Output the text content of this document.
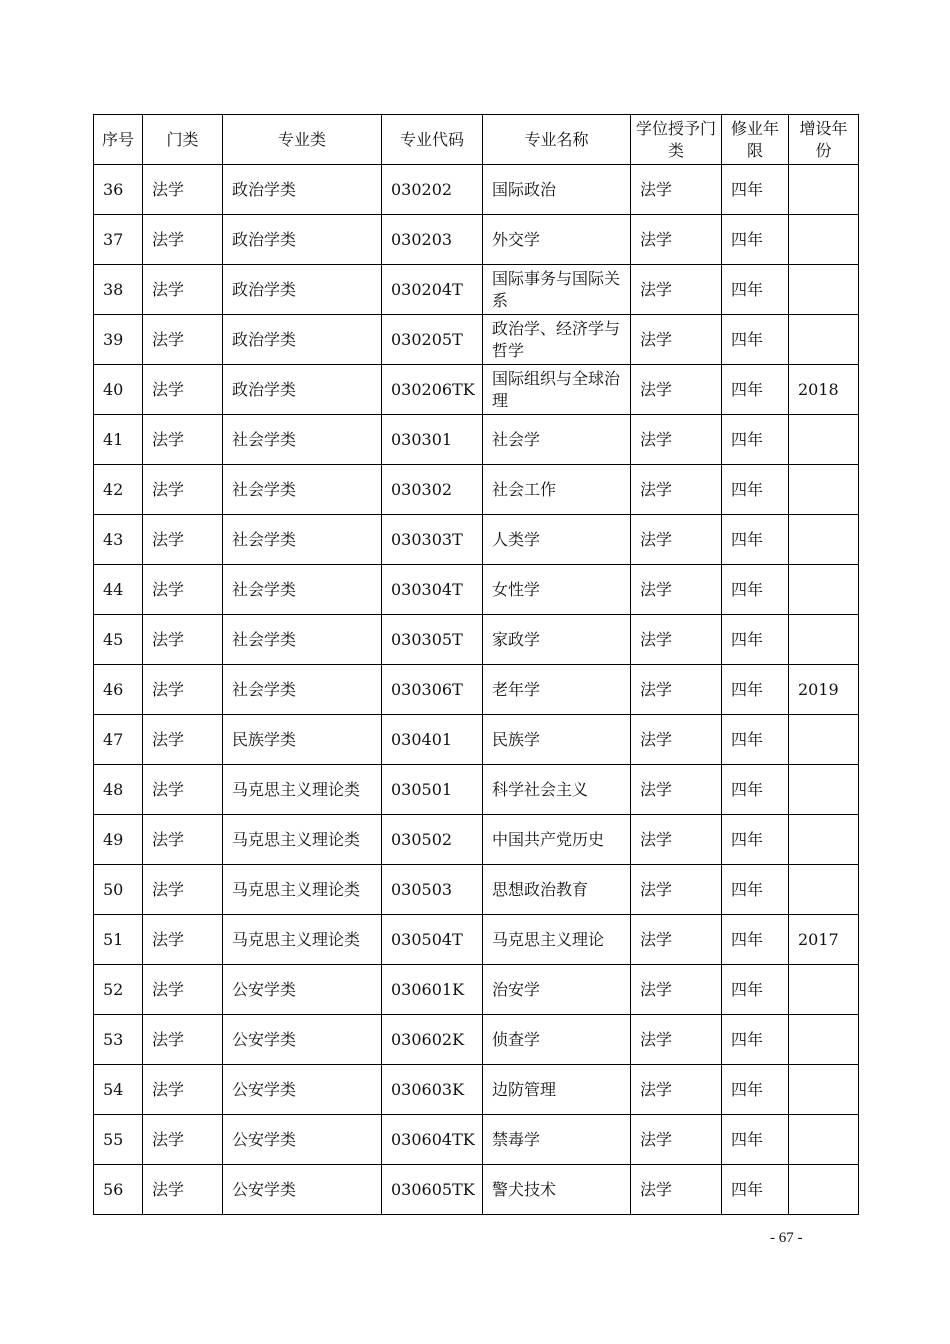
序号	门类	专业类	专业代码	专业名称	学位授予门类	修业年限	增设年份
36	法学	政治学类	030202	国际政治	法学	四年	
37	法学	政治学类	030203	外交学	法学	四年	
38	法学	政治学类	030204T	国际事务与国际关系	法学	四年	
39	法学	政治学类	030205T	政治学、经济学与哲学	法学	四年	
40	法学	政治学类	030206TK	国际组织与全球治理	法学	四年	2018
41	法学	社会学类	030301	社会学	法学	四年	
42	法学	社会学类	030302	社会工作	法学	四年	
43	法学	社会学类	030303T	人类学	法学	四年	
44	法学	社会学类	030304T	女性学	法学	四年	
45	法学	社会学类	030305T	家政学	法学	四年	
46	法学	社会学类	030306T	老年学	法学	四年	2019
47	法学	民族学类	030401	民族学	法学	四年	
48	法学	马克思主义理论类	030501	科学社会主义	法学	四年	
49	法学	马克思主义理论类	030502	中国共产党历史	法学	四年	
50	法学	马克思主义理论类	030503	思想政治教育	法学	四年	
51	法学	马克思主义理论类	030504T	马克思主义理论	法学	四年	2017
52	法学	公安学类	030601K	治安学	法学	四年	
53	法学	公安学类	030602K	侦查学	法学	四年	
54	法学	公安学类	030603K	边防管理	法学	四年	
55	法学	公安学类	030604TK	禁毒学	法学	四年	
56	法学	公安学类	030605TK	警犬技术	法学	四年	
- 67 -
